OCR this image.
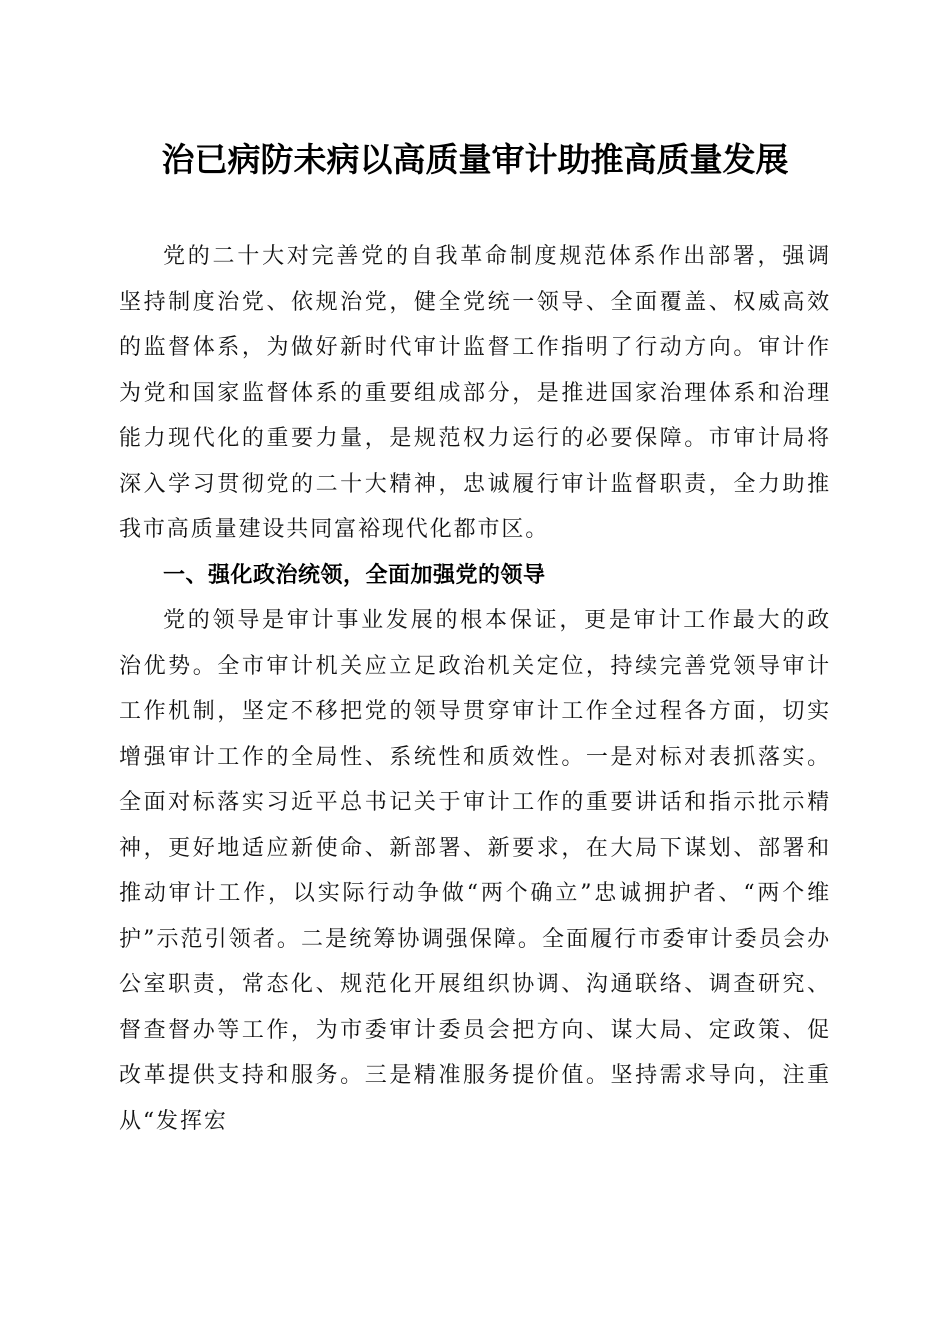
治已病防未病以高质量审计助推高质量发展

党的二十大对完善党的自我革命制度规范体系作出部署，强调坚持制度治党、依规治党，健全党统一领导、全面覆盖、权威高效的监督体系，为做好新时代审计监督工作指明了行动方向。审计作为党和国家监督体系的重要组成部分，是推进国家治理体系和治理能力现代化的重要力量，是规范权力运行的必要保障。市审计局将深入学习贯彻党的二十大精神，忠诚履行审计监督职责，全力助推我市高质量建设共同富裕现代化都市区。

一、强化政治统领，全面加强党的领导

党的领导是审计事业发展的根本保证，更是审计工作最大的政治优势。全市审计机关应立足政治机关定位，持续完善党领导审计工作机制，坚定不移把党的领导贯穿审计工作全过程各方面，切实增强审计工作的全局性、系统性和质效性。一是对标对表抓落实。全面对标落实习近平总书记关于审计工作的重要讲话和指示批示精神，更好地适应新使命、新部署、新要求，在大局下谋划、部署和推动审计工作，以实际行动争做“两个确立”忠诚拥护者、“两个维护”示范引领者。二是统筹协调强保障。全面履行市委审计委员会办公室职责，常态化、规范化开展组织协调、沟通联络、调查研究、督查督办等工作，为市委审计委员会把方向、谋大局、定政策、促改革提供支持和服务。三是精准服务提价值。坚持需求导向，注重从“发挥宏
